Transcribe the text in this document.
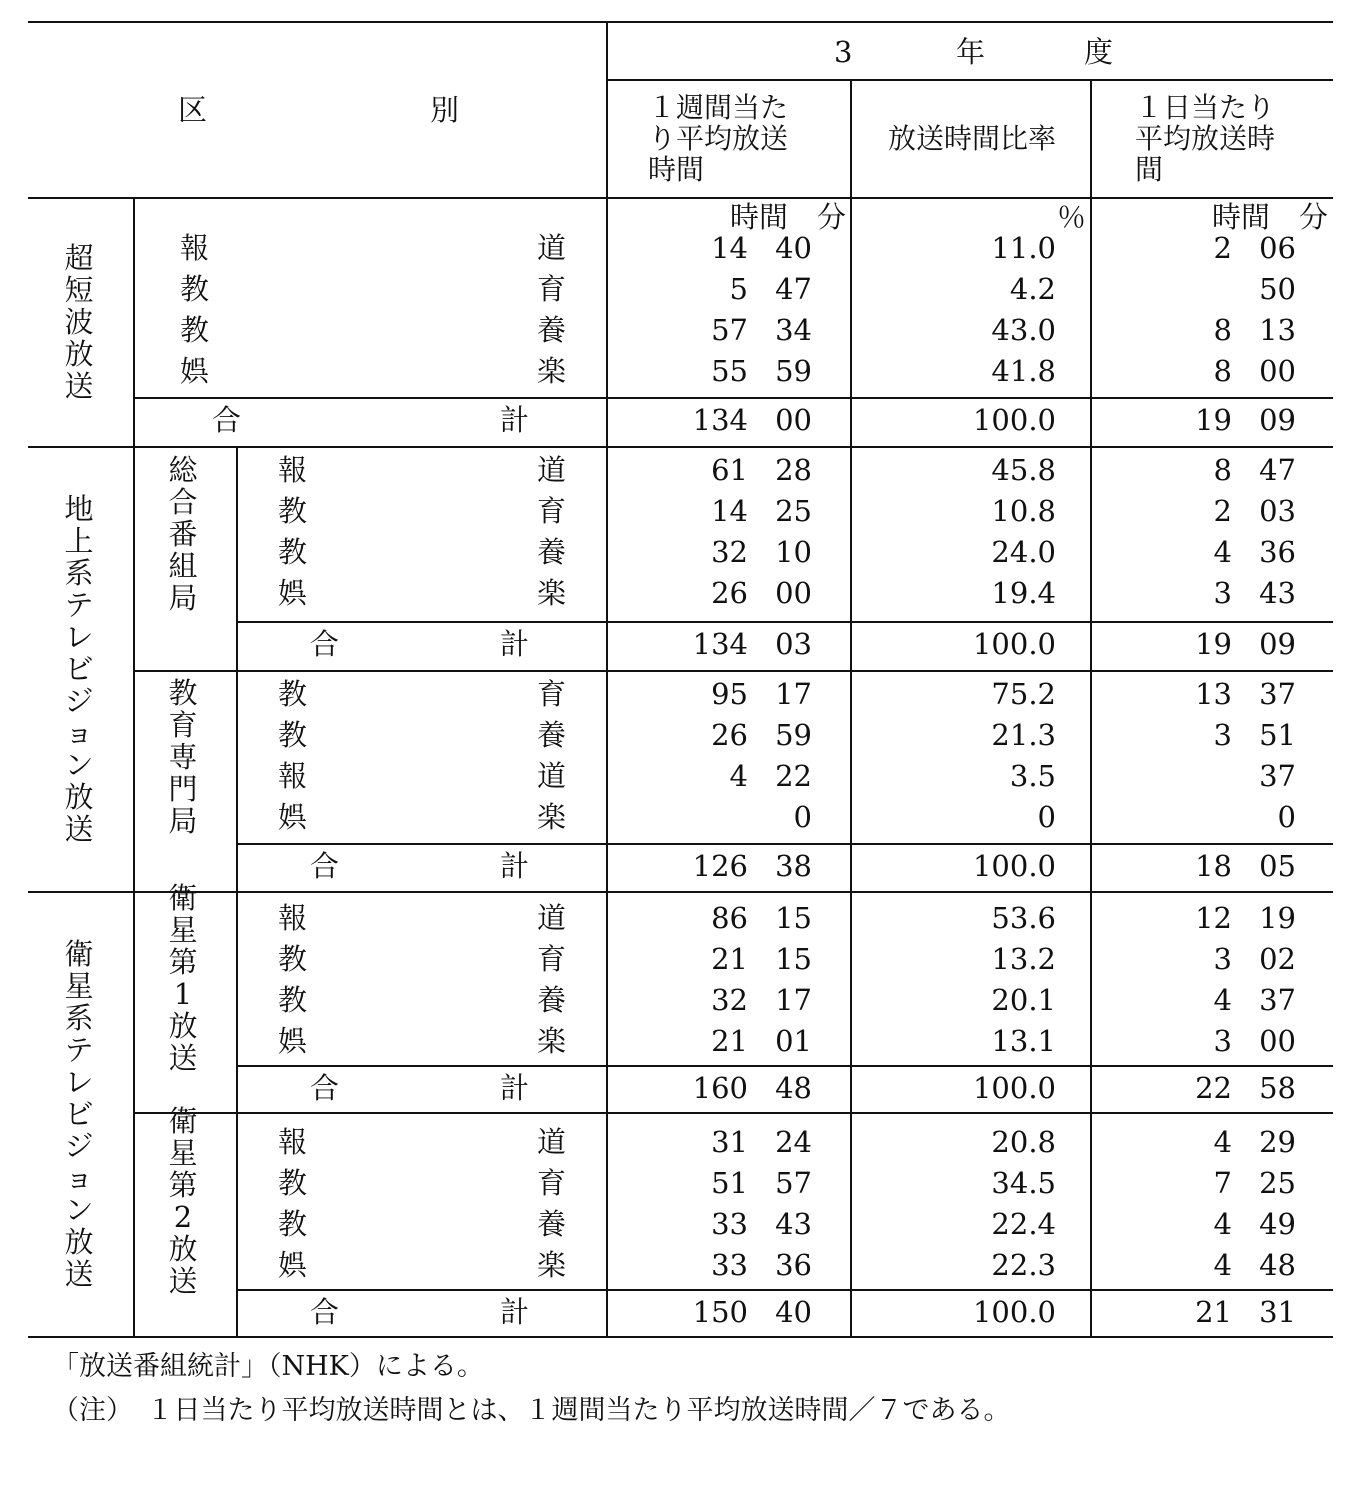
区	別
3	年	度
１週間当た
り平均放送
時間
放送時間比率
１日当たり
平均放送時
間
時間　分	％	時間　分
「放送番組統計」（NHK）による。
（注）　１日当たり平均放送時間とは、１週間当たり平均放送時間／７である。
超短波放送
報	道	14 40	11.0	2 06
教	育	5 47	4.2	50
教	養	57 34	43.0	8 13
娯	楽	55 59	41.8	8 00
合	計	134 00	100.0	19 09
地上系テレビジョン放送
総合番組局
報	道	61 28	45.8	8 47
教	育	14 25	10.8	2 03
教	養	32 10	24.0	4 36
娯	楽	26 00	19.4	3 43
合	計	134 03	100.0	19 09
教育専門局
教	育	95 17	75.2	13 37
教	養	26 59	21.3	3 51
報	道	4 22	3.5	37
娯	楽	0	0	0
合	計	126 38	100.0	18 05
衛星系テレビジョン放送
衛星第1放送
報	道	86 15	53.6	12 19
教	育	21 15	13.2	3 02
教	養	32 17	20.1	4 37
娯	楽	21 01	13.1	3 00
合	計	160 48	100.0	22 58
衛星第2放送
報	道	31 24	20.8	4 29
教	育	51 57	34.5	7 25
教	養	33 43	22.4	4 49
娯	楽	33 36	22.3	4 48
合	計	150 40	100.0	21 31
